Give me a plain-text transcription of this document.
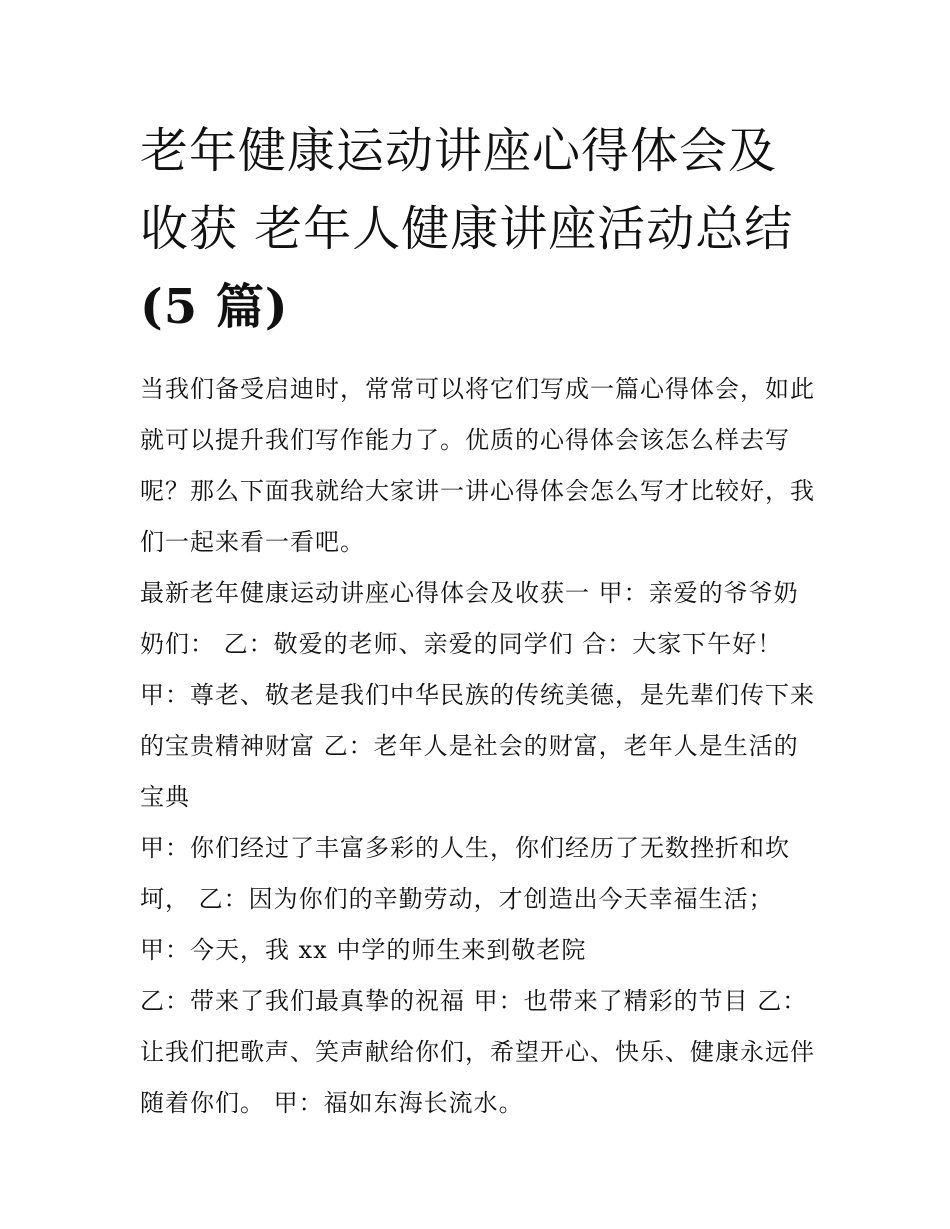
老年健康运动讲座心得体会及
收获 老年人健康讲座活动总结
(5 篇)

当我们备受启迪时，常常可以将它们写成一篇心得体会，如此
就可以提升我们写作能力了。优质的心得体会该怎么样去写
呢？那么下面我就给大家讲一讲心得体会怎么写才比较好，我
们一起来看一看吧。

最新老年健康运动讲座心得体会及收获一 甲：亲爱的爷爷奶
奶们： 乙：敬爱的老师、亲爱的同学们 合：大家下午好！

甲：尊老、敬老是我们中华民族的传统美德，是先辈们传下来
的宝贵精神财富 乙：老年人是社会的财富，老年人是生活的
宝典

甲：你们经过了丰富多彩的人生，你们经历了无数挫折和坎
坷， 乙：因为你们的辛勤劳动，才创造出今天幸福生活；

甲：今天，我 xx 中学的师生来到敬老院

乙：带来了我们最真挚的祝福 甲：也带来了精彩的节目 乙：
让我们把歌声、笑声献给你们，希望开心、快乐、健康永远伴
随着你们。 甲：福如东海长流水。
